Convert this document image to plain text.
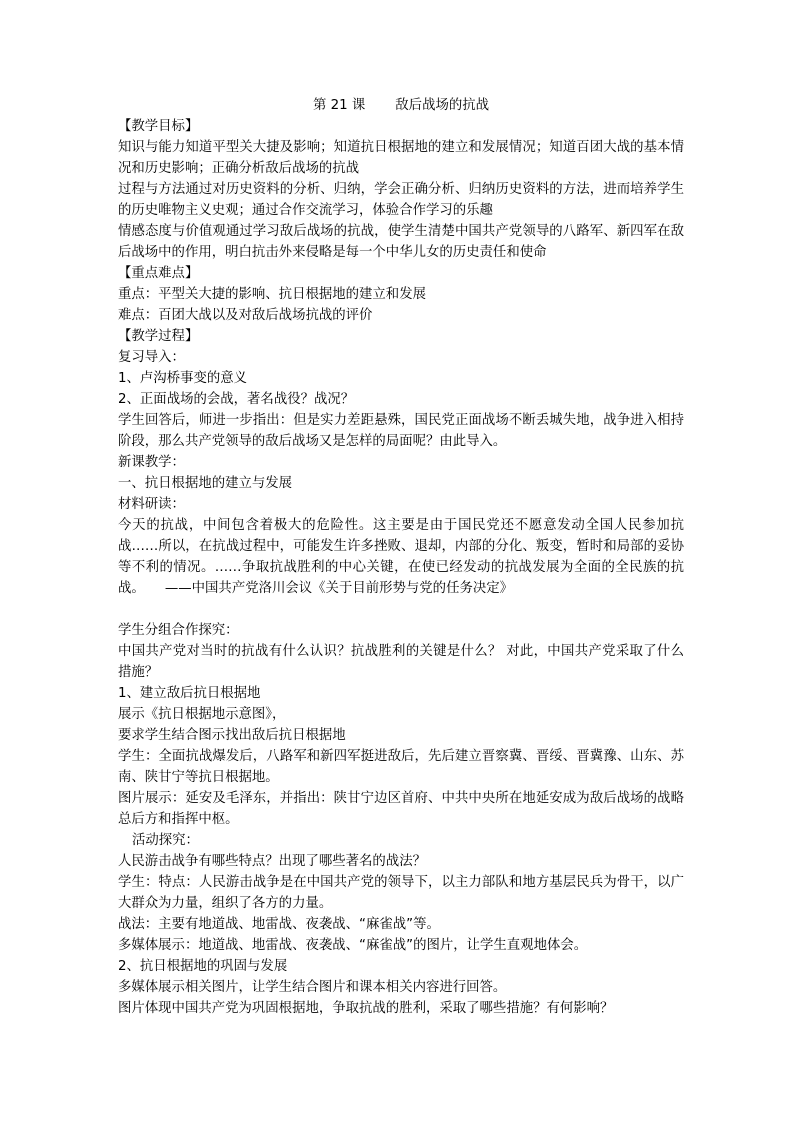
第 21 课 敌后战场的抗战
【教学目标】
知识与能力知道平型关大捷及影响；知道抗日根据地的建立和发展情况；知道百团大战的基本情况和历史影响；正确分析敌后战场的抗战
过程与方法通过对历史资料的分析、归纳，学会正确分析、归纳历史资料的方法，进而培养学生的历史唯物主义史观；通过合作交流学习，体验合作学习的乐趣
情感态度与价值观通过学习敌后战场的抗战，使学生清楚中国共产党领导的八路军、新四军在敌后战场中的作用，明白抗击外来侵略是每一个中华儿女的历史责任和使命
【重点难点】
重点：平型关大捷的影响、抗日根据地的建立和发展
难点：百团大战以及对敌后战场抗战的评价
【教学过程】
复习导入：
1、卢沟桥事变的意义
2、正面战场的会战，著名战役？战况？
学生回答后，师进一步指出：但是实力差距悬殊，国民党正面战场不断丢城失地，战争进入相持阶段，那么共产党领导的敌后战场又是怎样的局面呢？由此导入。
新课教学：
一、抗日根据地的建立与发展
材料研读：
今天的抗战，中间包含着极大的危险性。这主要是由于国民党还不愿意发动全国人民参加抗战……所以，在抗战过程中，可能发生许多挫败、退却，内部的分化、叛变，暂时和局部的妥协等不利的情况。……争取抗战胜利的中心关键，在使已经发动的抗战发展为全面的全民族的抗战。　　——中国共产党洛川会议《关于目前形势与党的任务决定》
学生分组合作探究：
中国共产党对当时的抗战有什么认识？抗战胜利的关键是什么？ 对此，中国共产党采取了什么措施？
1、建立敌后抗日根据地
展示《抗日根据地示意图》，
要求学生结合图示找出敌后抗日根据地
学生：全面抗战爆发后，八路军和新四军挺进敌后，先后建立晋察冀、晋绥、晋冀豫、山东、苏南、陕甘宁等抗日根据地。
图片展示：延安及毛泽东，并指出：陕甘宁边区首府、中共中央所在地延安成为敌后战场的战略总后方和指挥中枢。
活动探究：
人民游击战争有哪些特点？出现了哪些著名的战法？
学生：特点：人民游击战争是在中国共产党的领导下，以主力部队和地方基层民兵为骨干，以广大群众为力量，组织了各方的力量。
战法：主要有地道战、地雷战、夜袭战、“麻雀战”等。
多媒体展示：地道战、地雷战、夜袭战、“麻雀战”的图片，让学生直观地体会。
2、抗日根据地的巩固与发展
多媒体展示相关图片，让学生结合图片和课本相关内容进行回答。
图片体现中国共产党为巩固根据地，争取抗战的胜利，采取了哪些措施？有何影响？
